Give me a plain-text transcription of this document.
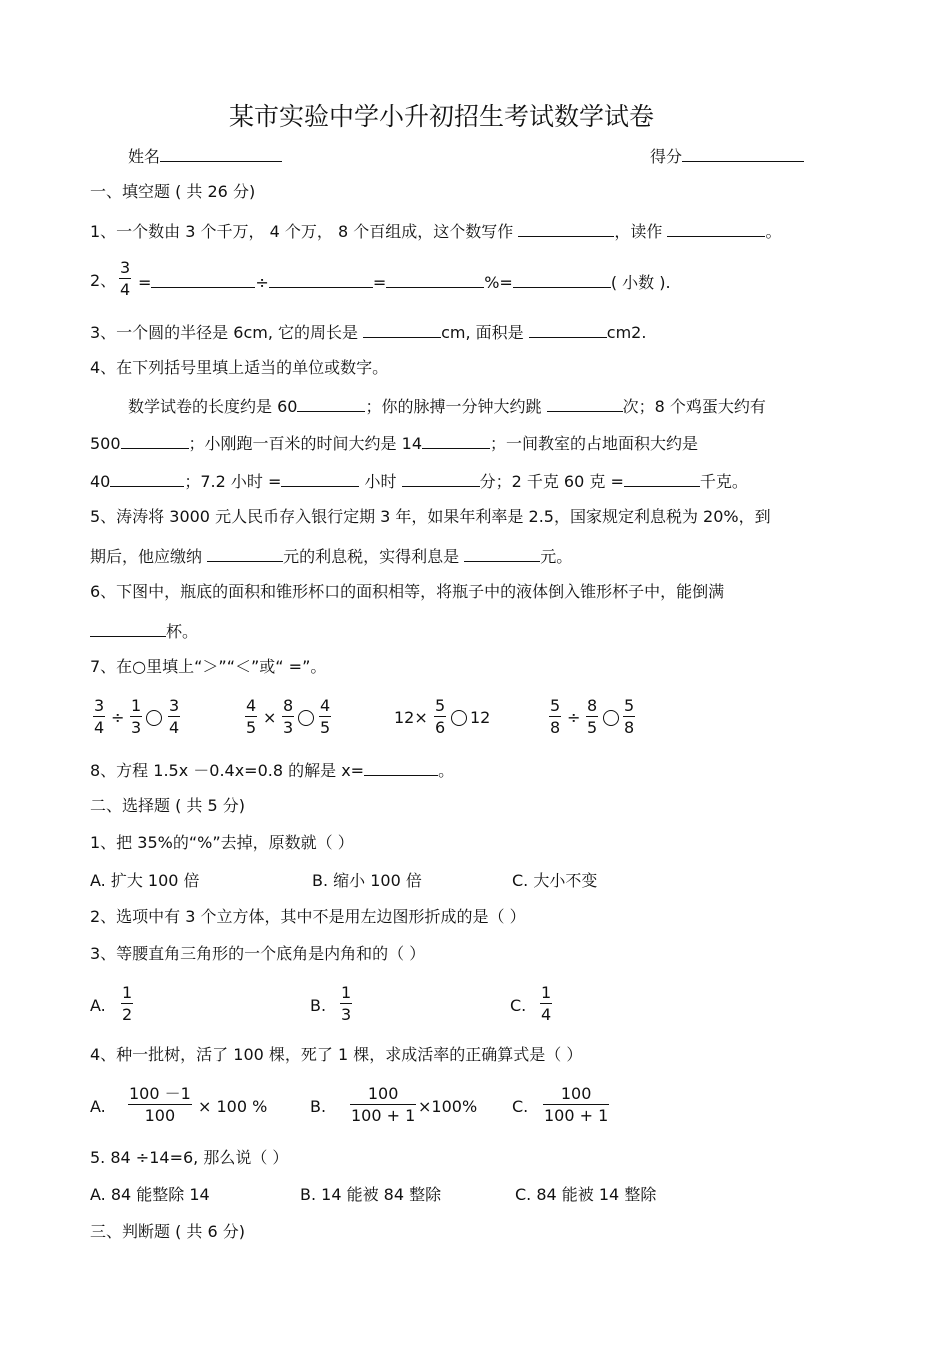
某市实验中学小升初招生考试数学试卷
姓名	得分
一、填空题 ( 共 26 分)
1、一个数由 3 个千万， 4 个万， 8 个百组成，这个数写作	，读作	。
2、 $\frac{3}{4}$ =	÷	=	%=	( 小数 ).
3、一个圆的半径是 6cm, 它的周长是	cm, 面积是	cm2.
4、在下列括号里填上适当的单位或数字。
数学试卷的长度约是 60	；你的脉搏一分钟大约跳	次；8 个鸡蛋大约有
500	；小刚跑一百米的时间大约是 14	；一间教室的占地面积大约是
40	；7.2 小时 =	小时	分；2 千克 60 克 =	千克。
5、涛涛将 3000 元人民币存入银行定期 3 年，如果年利率是 2.5，国家规定利息税为 20%，到
期后，他应缴纳	元的利息税，实得利息是	元。
6、下图中，瓶底的面积和锥形杯口的面积相等，将瓶子中的液体倒入锥形杯子中，能倒满
杯。
7、在○里填上“＞”“＜”或“ =”。
$\frac{3}{4} \div \frac{1}{3} \frac{3}{4}$	$\frac{4}{5} \times \frac{8}{3} \frac{4}{5}$	$12\times \frac{5}{6} 12$	$\frac{5}{8} \div \frac{8}{5} \frac{5}{8}$
8、方程 1.5x －0.4x=0.8 的解是 x=	。
二、选择题 ( 共 5 分)
1、把 35%的“%”去掉，原数就（ ）
A. 扩大 100 倍	B. 缩小 100 倍	C. 大小不变
2、选项中有 3 个立方体，其中不是用左边图形折成的是（ ）
3、等腰直角三角形的一个底角是内角和的（ ）
A. $\frac{1}{2}$	B. $\frac{1}{3}$	C. $\frac{1}{4}$
4、种一批树，活了 100 棵，死了 1 棵，求成活率的正确算式是（ ）
A. $\frac{100 -1}{100} \times 100$ %	B. $\frac{100}{100 + 1} \times 100\%$ C. $\frac{100}{100 + 1}$
5. 84 ÷14=6, 那么说（ ）
A. 84 能整除 14	B. 14 能被 84 整除	C. 84 能被 14 整除
三、判断题 ( 共 6 分)
